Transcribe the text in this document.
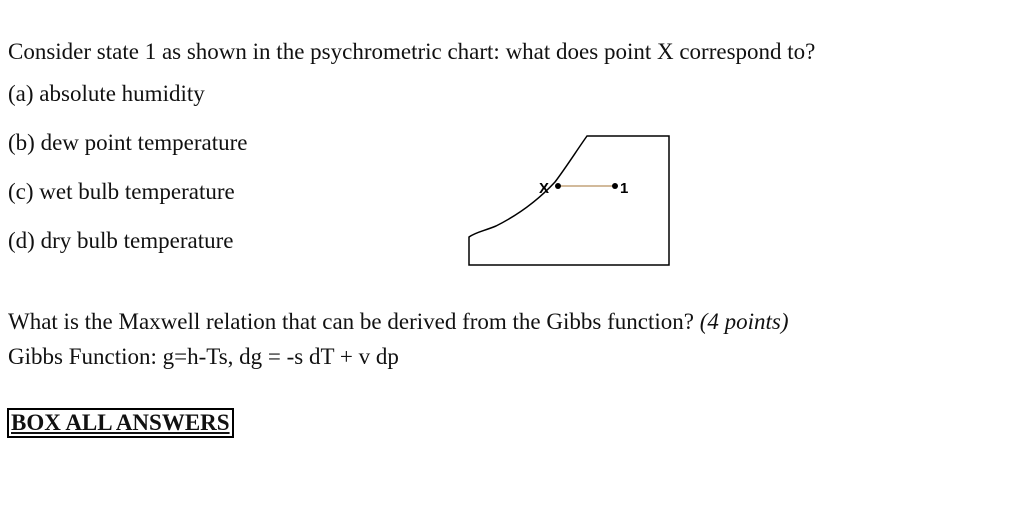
Consider state 1 as shown in the psychrometric chart: what does point X correspond to?
(a) absolute humidity
(b) dew point temperature
(c) wet bulb temperature
(d) dry bulb temperature
X	1
What is the Maxwell relation that can be derived from the Gibbs function? (4 points)
Gibbs Function: g=h-Ts, dg = -s dT + v dp
BOX ALL ANSWERS
